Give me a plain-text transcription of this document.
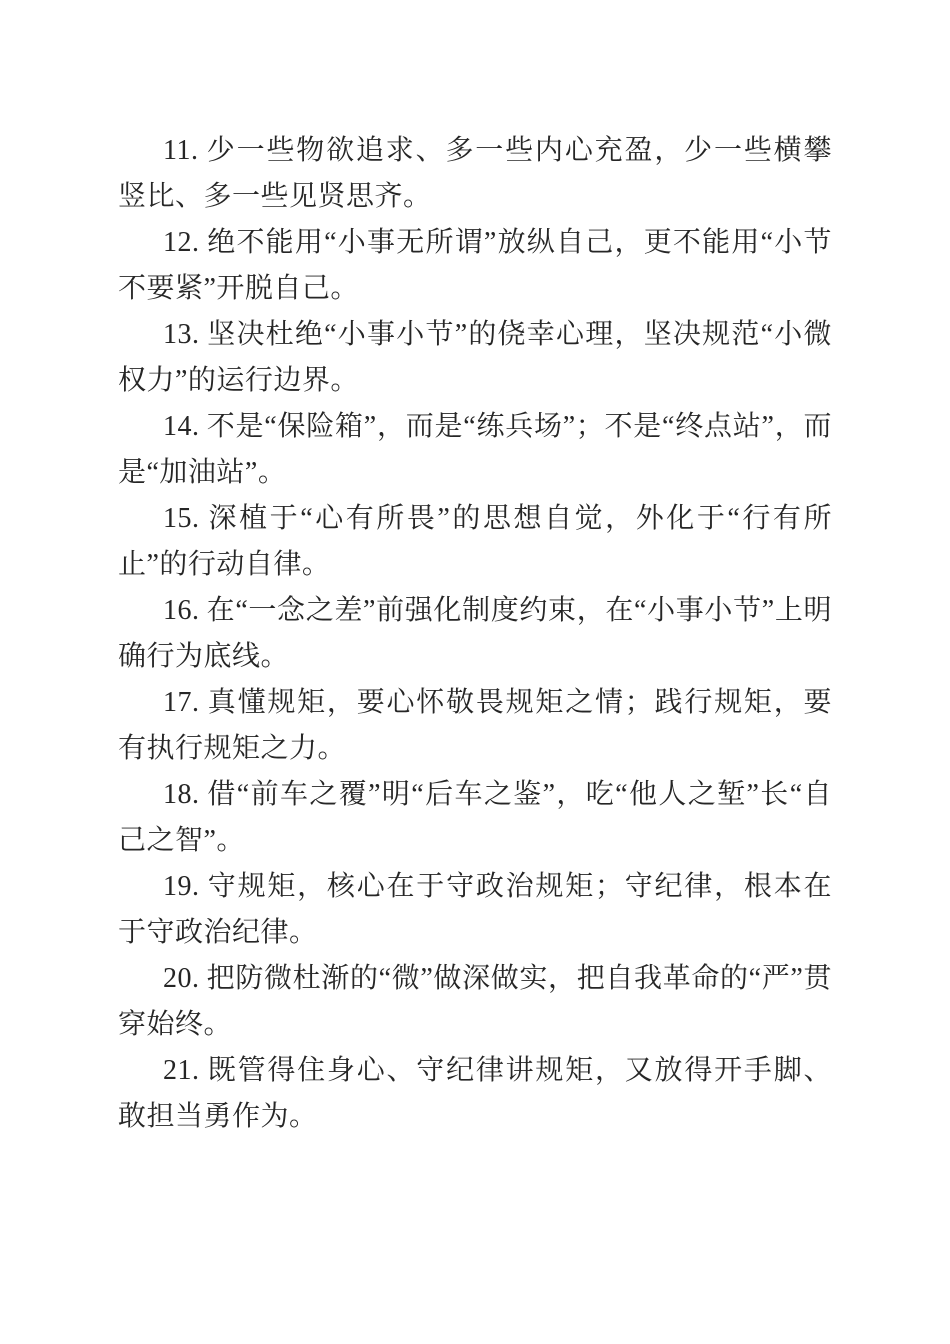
11. 少一些物欲追求、多一些内心充盈，少一些横攀竖比、多一些见贤思齐。

12. 绝不能用“小事无所谓”放纵自己，更不能用“小节不要紧”开脱自己。

13. 坚决杜绝“小事小节”的侥幸心理，坚决规范“小微权力”的运行边界。

14. 不是“保险箱”，而是“练兵场”；不是“终点站”，而是“加油站”。

15. 深植于“心有所畏”的思想自觉，外化于“行有所止”的行动自律。

16. 在“一念之差”前强化制度约束，在“小事小节”上明确行为底线。

17. 真懂规矩，要心怀敬畏规矩之情；践行规矩，要有执行规矩之力。

18. 借“前车之覆”明“后车之鉴”，吃“他人之堑”长“自己之智”。

19. 守规矩，核心在于守政治规矩；守纪律，根本在于守政治纪律。

20. 把防微杜渐的“微”做深做实，把自我革命的“严”贯穿始终。

21. 既管得住身心、守纪律讲规矩，又放得开手脚、敢担当勇作为。
